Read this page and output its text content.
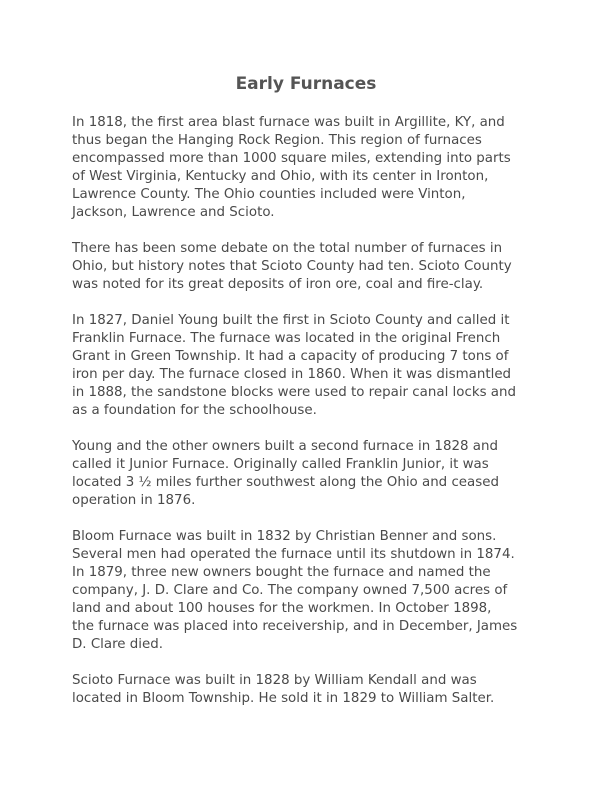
Early Furnaces

In 1818, the first area blast furnace was built in Argillite, KY, and
thus began the Hanging Rock Region. This region of furnaces
encompassed more than 1000 square miles, extending into parts
of West Virginia, Kentucky and Ohio, with its center in Ironton,
Lawrence County. The Ohio counties included were Vinton,
Jackson, Lawrence and Scioto.

There has been some debate on the total number of furnaces in
Ohio, but history notes that Scioto County had ten. Scioto County
was noted for its great deposits of iron ore, coal and fire-clay.

In 1827, Daniel Young built the first in Scioto County and called it
Franklin Furnace. The furnace was located in the original French
Grant in Green Township. It had a capacity of producing 7 tons of
iron per day. The furnace closed in 1860. When it was dismantled
in 1888, the sandstone blocks were used to repair canal locks and
as a foundation for the schoolhouse.

Young and the other owners built a second furnace in 1828 and
called it Junior Furnace. Originally called Franklin Junior, it was
located 3 ½ miles further southwest along the Ohio and ceased
operation in 1876.

Bloom Furnace was built in 1832 by Christian Benner and sons.
Several men had operated the furnace until its shutdown in 1874.
In 1879, three new owners bought the furnace and named the
company, J. D. Clare and Co. The company owned 7,500 acres of
land and about 100 houses for the workmen. In October 1898,
the furnace was placed into receivership, and in December, James
D. Clare died.

Scioto Furnace was built in 1828 by William Kendall and was
located in Bloom Township. He sold it in 1829 to William Salter.
